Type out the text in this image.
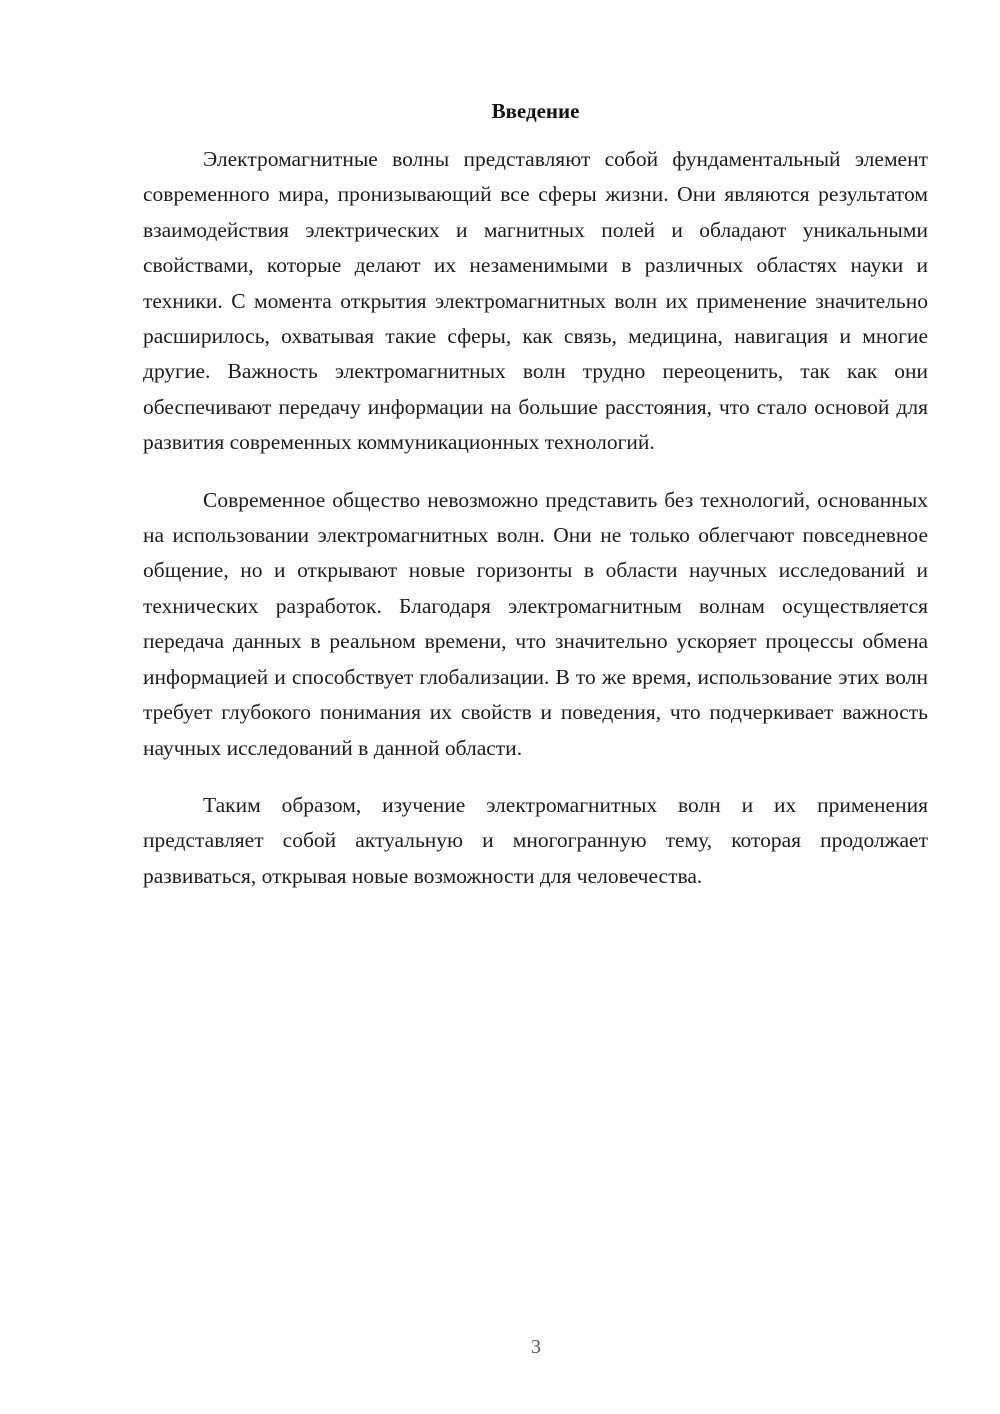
Введение

Электромагнитные волны представляют собой фундаментальный элемент современного мира, пронизывающий все сферы жизни. Они являются результатом взаимодействия электрических и магнитных полей и обладают уникальными свойствами, которые делают их незаменимыми в различных областях науки и техники. С момента открытия электромагнитных волн их применение значительно расширилось, охватывая такие сферы, как связь, медицина, навигация и многие другие. Важность электромагнитных волн трудно переоценить, так как они обеспечивают передачу информации на большие расстояния, что стало основой для развития современных коммуникационных технологий.

Современное общество невозможно представить без технологий, основанных на использовании электромагнитных волн. Они не только облегчают повседневное общение, но и открывают новые горизонты в области научных исследований и технических разработок. Благодаря электромагнитным волнам осуществляется передача данных в реальном времени, что значительно ускоряет процессы обмена информацией и способствует глобализации. В то же время, использование этих волн требует глубокого понимания их свойств и поведения, что подчеркивает важность научных исследований в данной области.

Таким образом, изучение электромагнитных волн и их применения представляет собой актуальную и многогранную тему, которая продолжает развиваться, открывая новые возможности для человечества.

3
